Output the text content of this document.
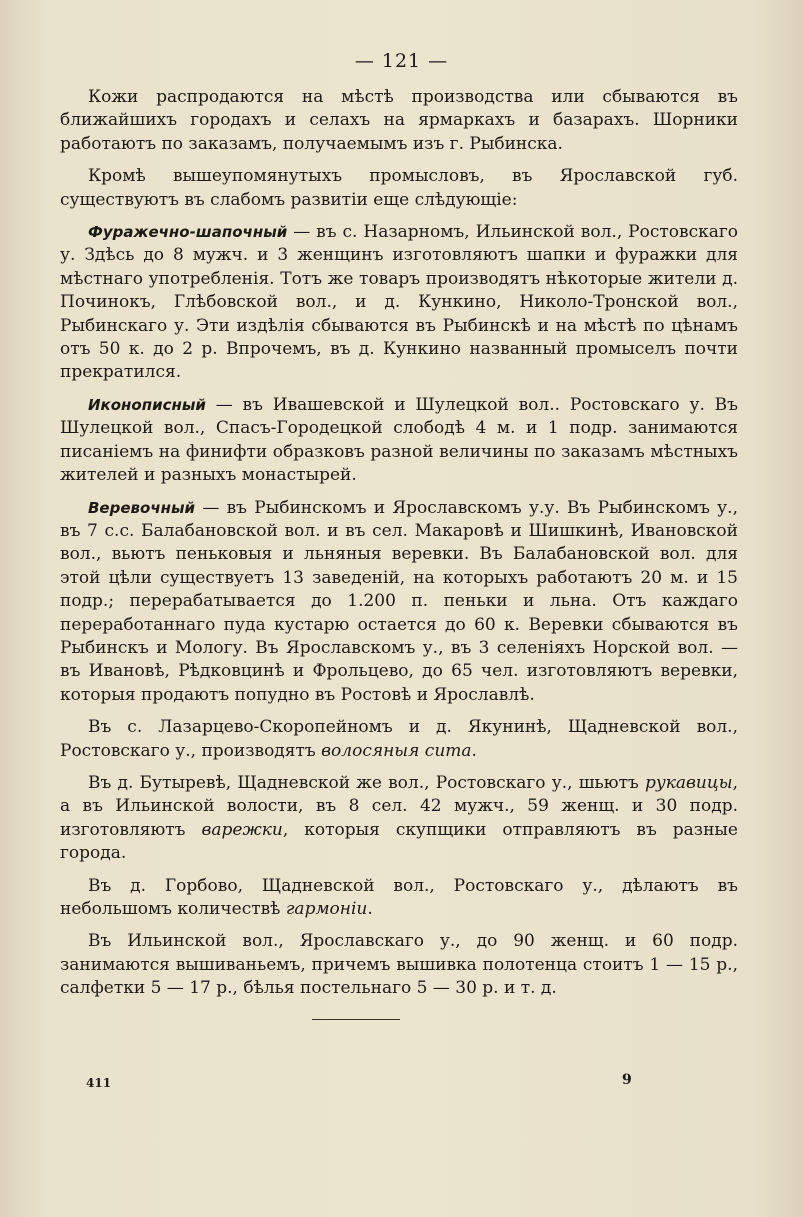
— 121 —

Кожи распродаются на мѣстѣ производства или сбываются въ ближайшихъ городахъ и селахъ на ярмаркахъ и базарахъ. Шорники работаютъ по заказамъ, получаемымъ изъ г. Рыбинска.

Кромѣ вышеупомянутыхъ промысловъ, въ Ярославской губ. существуютъ въ слабомъ развитіи еще слѣдующіе:

Фуражечно-шапочный — въ с. Назарномъ, Ильинской вол., Ростовскаго у. Здѣсь до 8 мужч. и 3 женщинъ изготовляютъ шапки и фуражки для мѣстнаго употребленія. Тотъ же товаръ производятъ нѣкоторые жители д. Починокъ, Глѣбовской вол., и д. Кункино, Николо-Тронской вол., Рыбинскаго у. Эти издѣлія сбываются въ Рыбинскѣ и на мѣстѣ по цѣнамъ отъ 50 к. до 2 р. Впрочемъ, въ д. Кункино названный промыселъ почти прекратился.

Иконописный — въ Ивашевской и Шулецкой вол.. Ростовскаго у. Въ Шулецкой вол., Спасъ-Городецкой слободѣ 4 м. и 1 подр. занимаются писаніемъ на финифти образковъ разной величины по заказамъ мѣстныхъ жителей и разныхъ монастырей.

Веревочный — въ Рыбинскомъ и Ярославскомъ у.у. Въ Рыбинскомъ у., въ 7 с.с. Балабановской вол. и въ сел. Макаровѣ и Шишкинѣ, Ивановской вол., вьютъ пеньковыя и льняныя веревки. Въ Балабановской вол. для этой цѣли существуетъ 13 заведеній, на которыхъ работаютъ 20 м. и 15 подр.; перерабатывается до 1.200 п. пеньки и льна. Отъ каждаго переработаннаго пуда кустарю остается до 60 к. Веревки сбываются въ Рыбинскъ и Мологу. Въ Ярославскомъ у., въ 3 селеніяхъ Норской вол. — въ Ивановѣ, Рѣдковцинѣ и Фрольцево, до 65 чел. изготовляютъ веревки, которыя продаютъ попудно въ Ростовѣ и Ярославлѣ.

Въ с. Лазарцево-Скоропейномъ и д. Якунинѣ, Щадневской вол., Ростовскаго у., производятъ волосяныя сита.

Въ д. Бутыревѣ, Щадневской же вол., Ростовскаго у., шьютъ рукавицы, а въ Ильинской волости, въ 8 сел. 42 мужч., 59 женщ. и 30 подр. изготовляютъ варежки, которыя скупщики отправляютъ въ разные города.

Въ д. Горбово, Щадневской вол., Ростовскаго у., дѣлаютъ въ небольшомъ количествѣ гармоніи.

Въ Ильинской вол., Ярославскаго у., до 90 женщ. и 60 подр. занимаются вышиваньемъ, причемъ вышивка полотенца стоитъ 1 — 15 р., салфетки 5 — 17 р., бѣлья постельнаго 5 — 30 р. и т. д.

411	9
